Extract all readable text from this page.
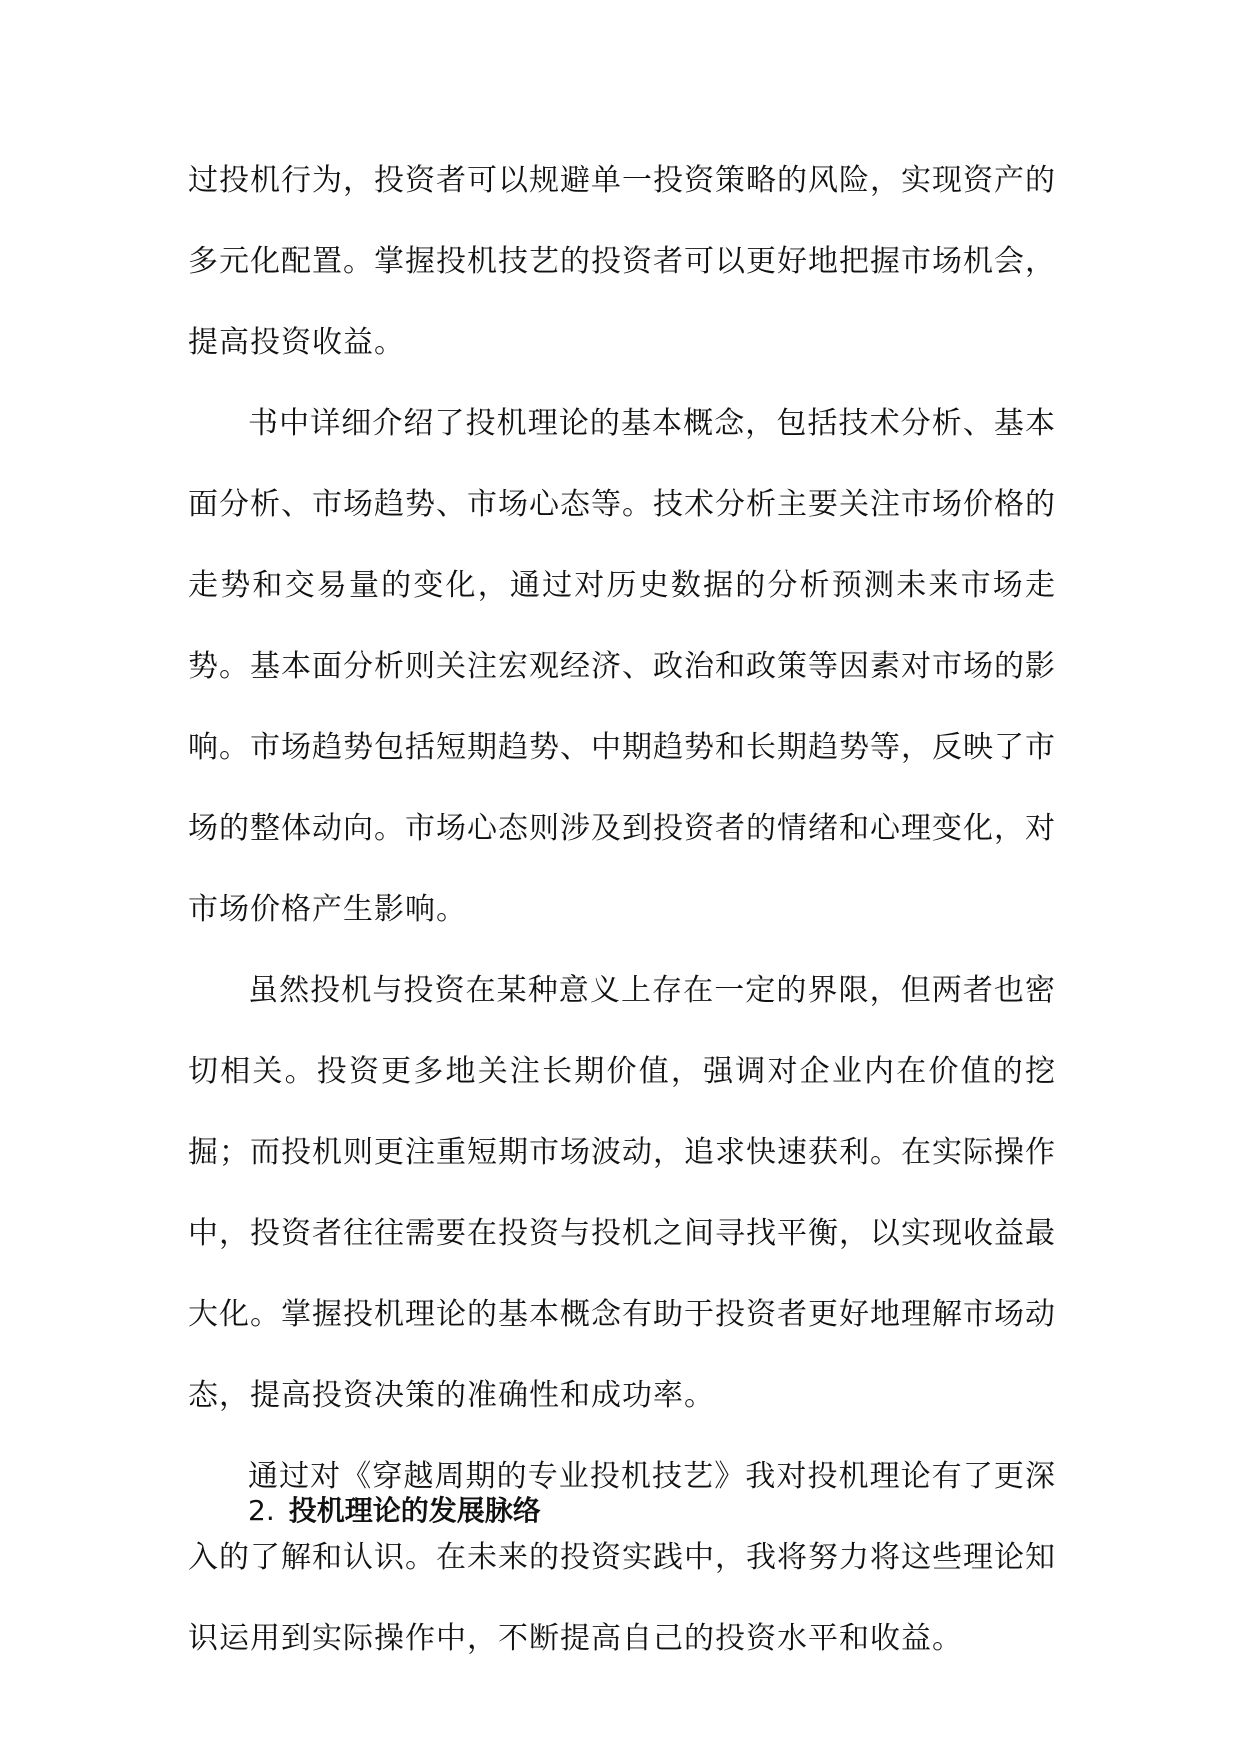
过投机行为，投资者可以规避单一投资策略的风险，实现资产的多元化配置。掌握投机技艺的投资者可以更好地把握市场机会，提高投资收益。

书中详细介绍了投机理论的基本概念，包括技术分析、基本面分析、市场趋势、市场心态等。技术分析主要关注市场价格的走势和交易量的变化，通过对历史数据的分析预测未来市场走势。基本面分析则关注宏观经济、政治和政策等因素对市场的影响。市场趋势包括短期趋势、中期趋势和长期趋势等，反映了市场的整体动向。市场心态则涉及到投资者的情绪和心理变化，对市场价格产生影响。

虽然投机与投资在某种意义上存在一定的界限，但两者也密切相关。投资更多地关注长期价值，强调对企业内在价值的挖掘；而投机则更注重短期市场波动，追求快速获利。在实际操作中，投资者往往需要在投资与投机之间寻找平衡，以实现收益最大化。掌握投机理论的基本概念有助于投资者更好地理解市场动态，提高投资决策的准确性和成功率。

通过对《穿越周期的专业投机技艺》我对投机理论有了更深入的了解和认识。在未来的投资实践中，我将努力将这些理论知识运用到实际操作中，不断提高自己的投资水平和收益。

2. 投机理论的发展脉络
